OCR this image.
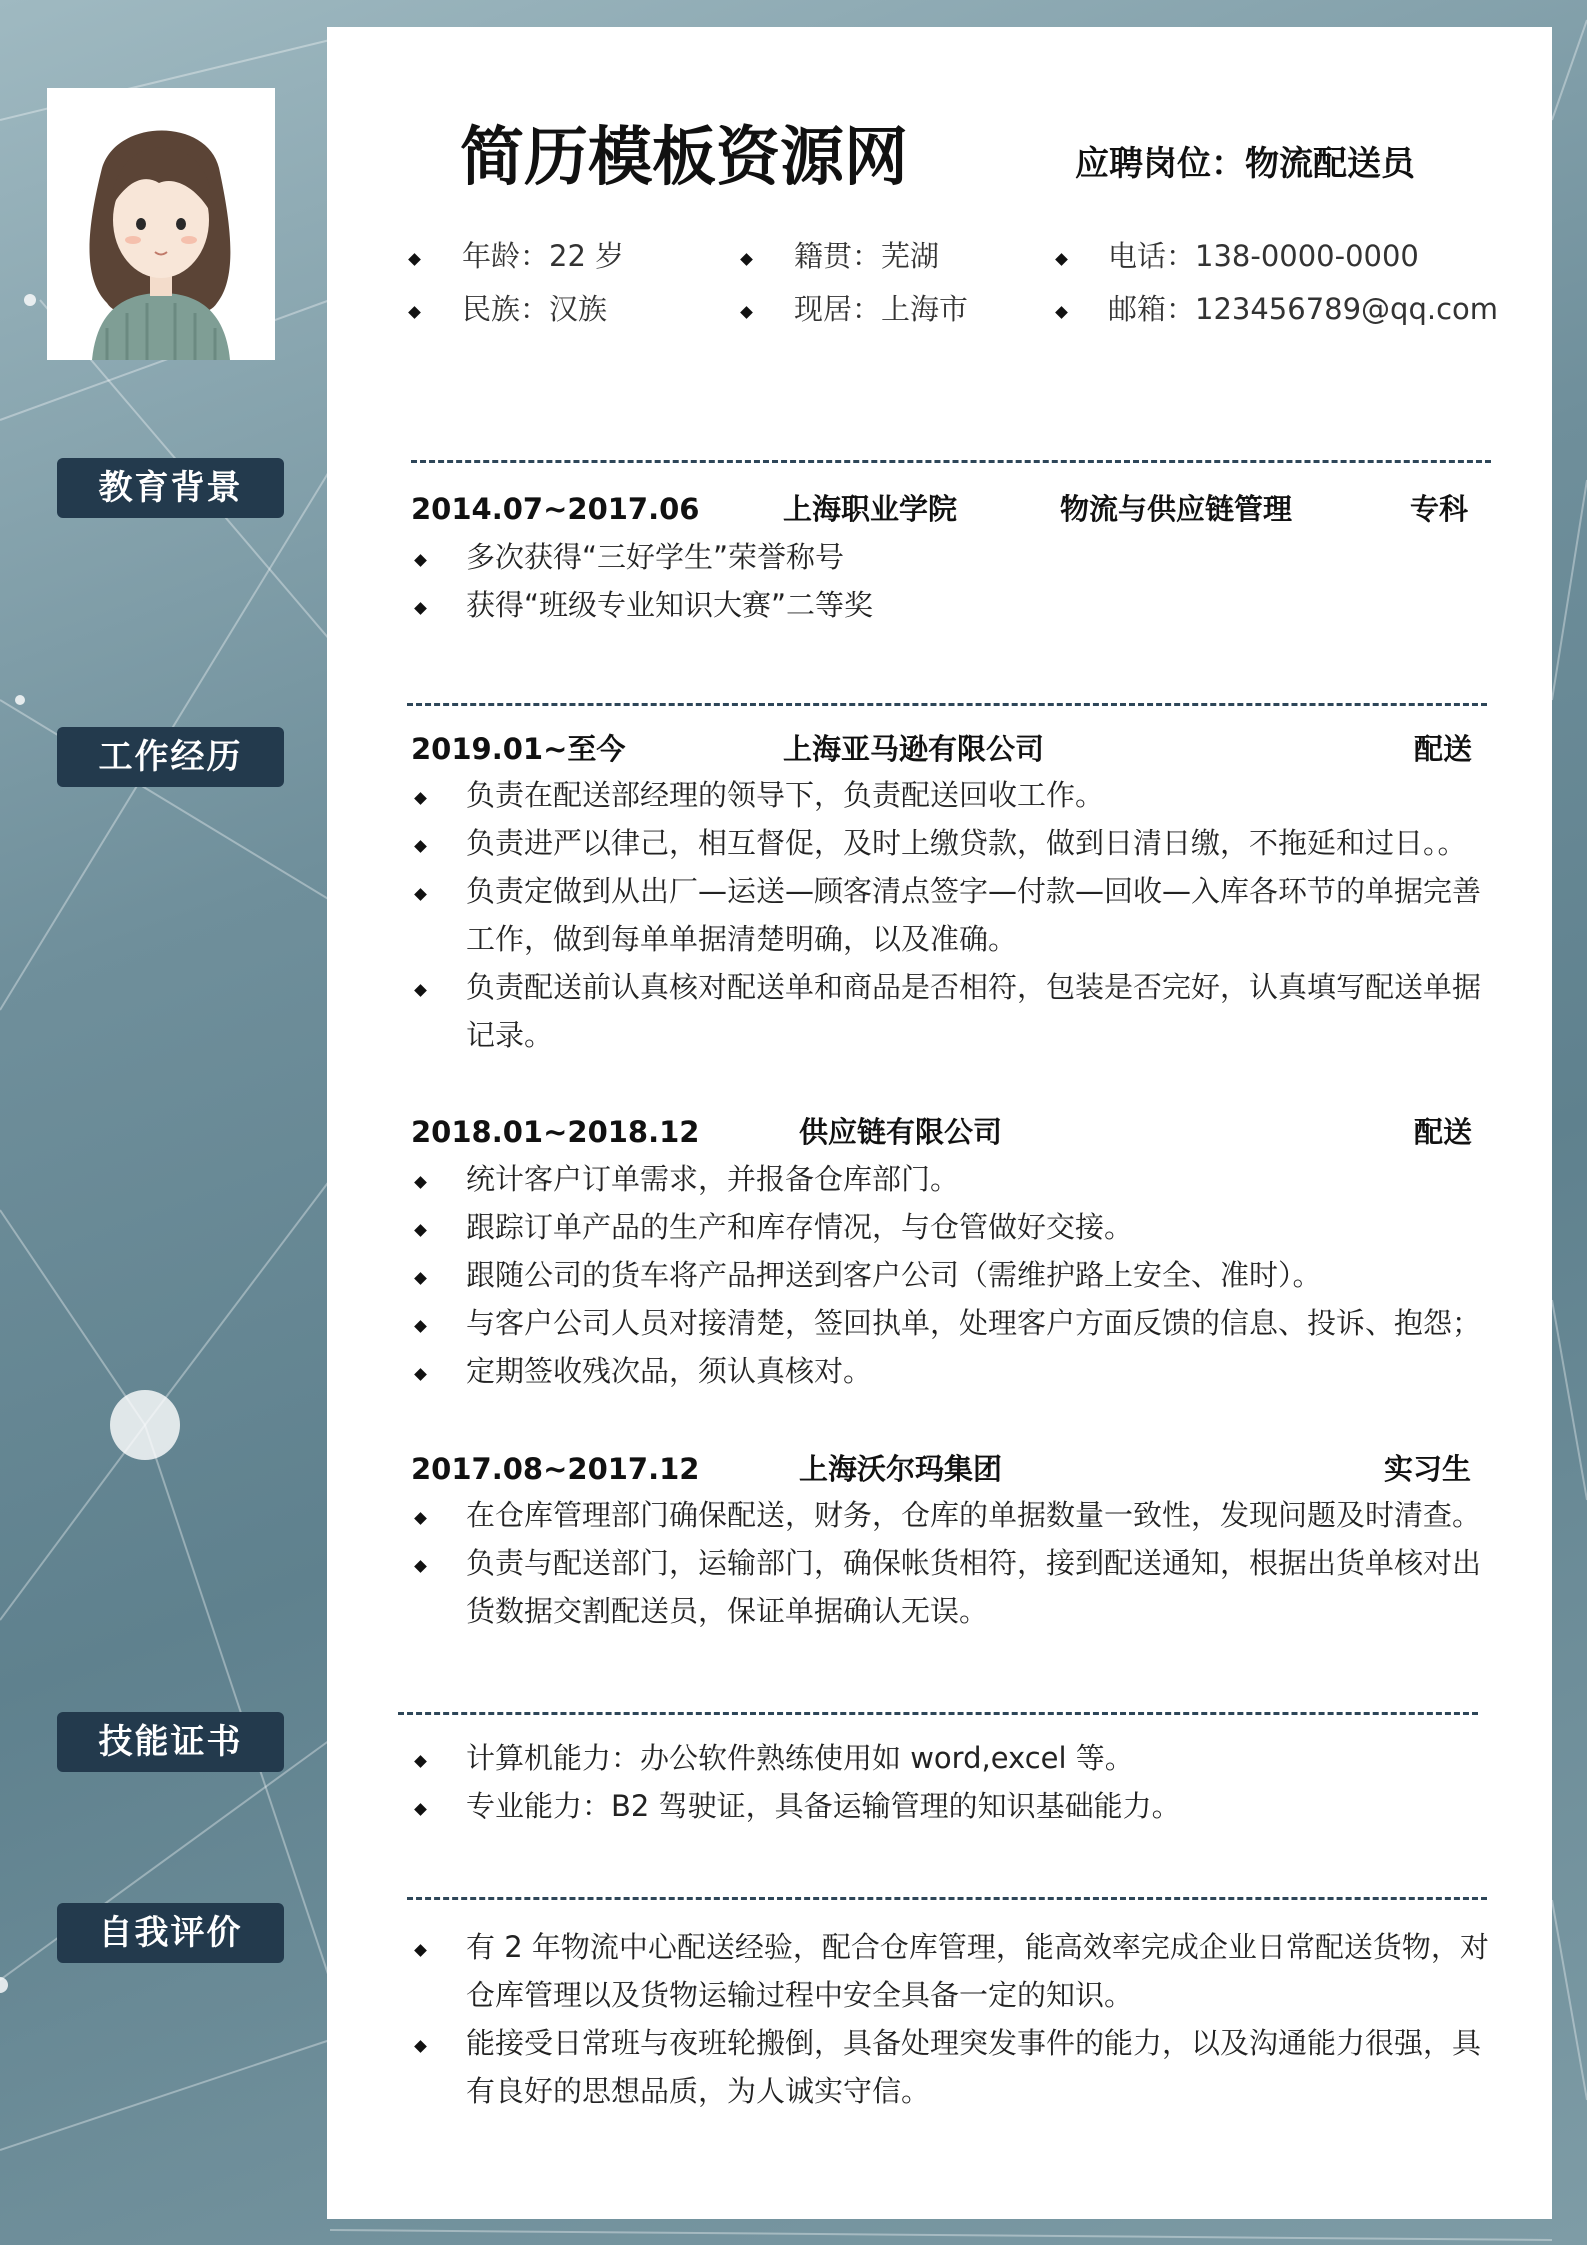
简历模板资源网	应聘岗位：物流配送员
年龄：22 岁	籍贯：芜湖	电话：138-0000-0000
民族：汉族	现居：上海市	邮箱：123456789@qq.com
教育背景
工作经历
技能证书
自我评价
2014.07~2017.06	上海职业学院	物流与供应链管理	专科
多次获得“三好学生”荣誉称号
获得“班级专业知识大赛”二等奖
2019.01~至今	上海亚马逊有限公司	配送
负责在配送部经理的领导下，负责配送回收工作。
负责进严以律己，相互督促，及时上缴贷款，做到日清日缴，不拖延和过日。。
负责定做到从出厂—运送—顾客清点签字—付款—回收—入库各环节的单据完善工作，做到每单单据清楚明确，以及准确。
负责配送前认真核对配送单和商品是否相符，包装是否完好，认真填写配送单据记录。
2018.01~2018.12	供应链有限公司	配送
统计客户订单需求，并报备仓库部门。
跟踪订单产品的生产和库存情况，与仓管做好交接。
跟随公司的货车将产品押送到客户公司（需维护路上安全、准时）。
与客户公司人员对接清楚，签回执单，处理客户方面反馈的信息、投诉、抱怨；
定期签收残次品，须认真核对。
2017.08~2017.12	上海沃尔玛集团	实习生
在仓库管理部门确保配送，财务，仓库的单据数量一致性，发现问题及时清查。
负责与配送部门，运输部门，确保帐货相符，接到配送通知，根据出货单核对出货数据交割配送员，保证单据确认无误。
计算机能力：办公软件熟练使用如 word,excel 等。
专业能力：B2 驾驶证，具备运输管理的知识基础能力。
有 2 年物流中心配送经验，配合仓库管理，能高效率完成企业日常配送货物，对仓库管理以及货物运输过程中安全具备一定的知识。
能接受日常班与夜班轮搬倒，具备处理突发事件的能力，以及沟通能力很强，具有良好的思想品质，为人诚实守信。
